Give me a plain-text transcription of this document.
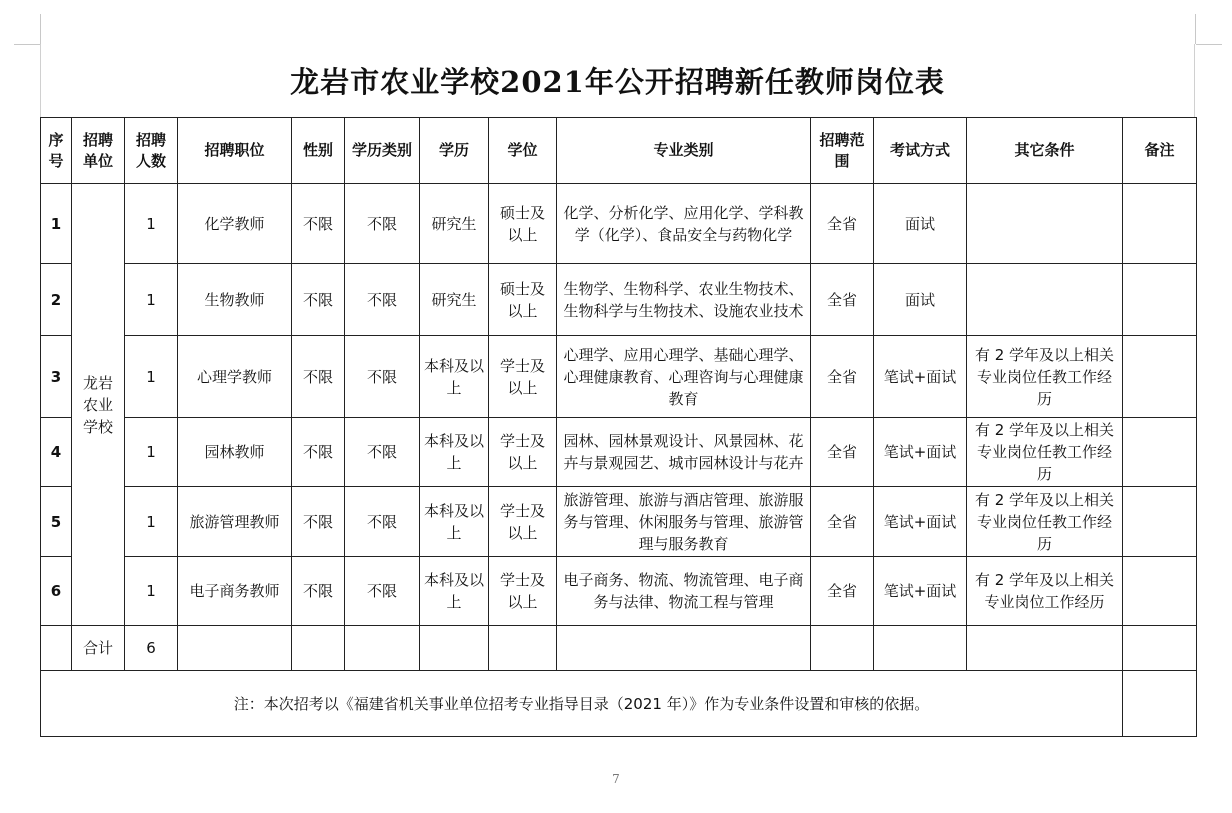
龙岩市农业学校2021年公开招聘新任教师岗位表
序号	招聘单位	招聘人数	招聘职位	性别	学历类别	学历	学位	专业类别	招聘范围	考试方式	其它条件	备注
1	龙岩农业学校	1	化学教师	不限	不限	研究生	硕士及以上	化学、分析化学、应用化学、学科教学（化学）、食品安全与药物化学	全省	面试		
2		1	生物教师	不限	不限	研究生	硕士及以上	生物学、生物科学、农业生物技术、生物科学与生物技术、设施农业技术	全省	面试		
3		1	心理学教师	不限	不限	本科及以上	学士及以上	心理学、应用心理学、基础心理学、心理健康教育、心理咨询与心理健康教育	全省	笔试+面试	有 2 学年及以上相关专业岗位任教工作经历	
4		1	园林教师	不限	不限	本科及以上	学士及以上	园林、园林景观设计、风景园林、花卉与景观园艺、城市园林设计与花卉	全省	笔试+面试	有 2 学年及以上相关专业岗位任教工作经历	
5		1	旅游管理教师	不限	不限	本科及以上	学士及以上	旅游管理、旅游与酒店管理、旅游服务与管理、休闲服务与管理、旅游管理与服务教育	全省	笔试+面试	有 2 学年及以上相关专业岗位任教工作经历	
6		1	电子商务教师	不限	不限	本科及以上	学士及以上	电子商务、物流、物流管理、电子商务与法律、物流工程与管理	全省	笔试+面试	有 2 学年及以上相关专业岗位工作经历	
	合计	6										
注：本次招考以《福建省机关事业单位招考专业指导目录（2021 年）》作为专业条件设置和审核的依据。												
7
